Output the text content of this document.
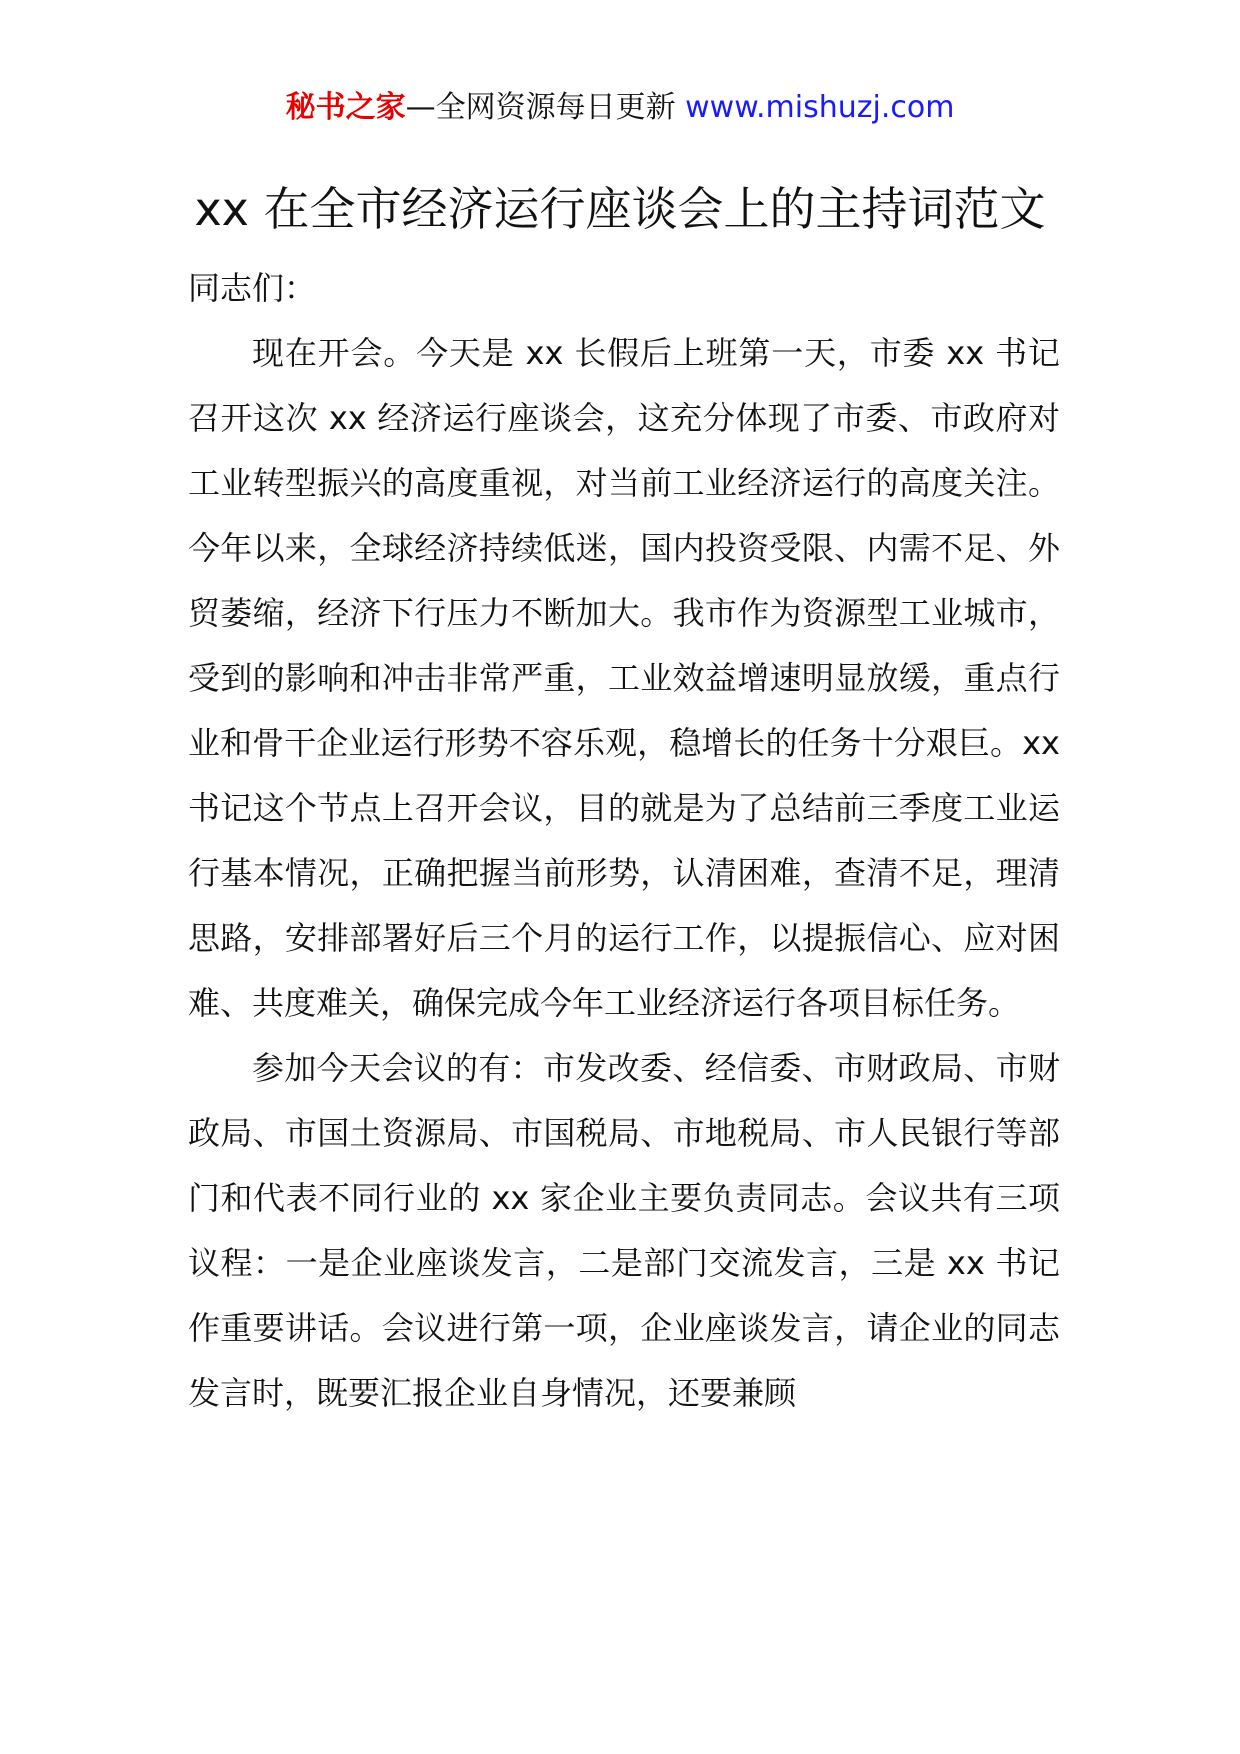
秘书之家—全网资源每日更新 www.mishuzj.com
xx 在全市经济运行座谈会上的主持词范文

同志们：

现在开会。今天是 xx 长假后上班第一天，市委 xx 书记召开这次 xx 经济运行座谈会，这充分体现了市委、市政府对工业转型振兴的高度重视，对当前工业经济运行的高度关注。今年以来，全球经济持续低迷，国内投资受限、内需不足、外贸萎缩，经济下行压力不断加大。我市作为资源型工业城市，受到的影响和冲击非常严重，工业效益增速明显放缓，重点行业和骨干企业运行形势不容乐观，稳增长的任务十分艰巨。xx 书记这个节点上召开会议，目的就是为了总结前三季度工业运行基本情况，正确把握当前形势，认清困难，查清不足，理清思路，安排部署好后三个月的运行工作，以提振信心、应对困难、共度难关，确保完成今年工业经济运行各项目标任务。

参加今天会议的有：市发改委、经信委、市财政局、市财政局、市国土资源局、市国税局、市地税局、市人民银行等部门和代表不同行业的 xx 家企业主要负责同志。会议共有三项议程：一是企业座谈发言，二是部门交流发言，三是 xx 书记作重要讲话。会议进行第一项，企业座谈发言，请企业的同志发言时，既要汇报企业自身情况，还要兼顾
